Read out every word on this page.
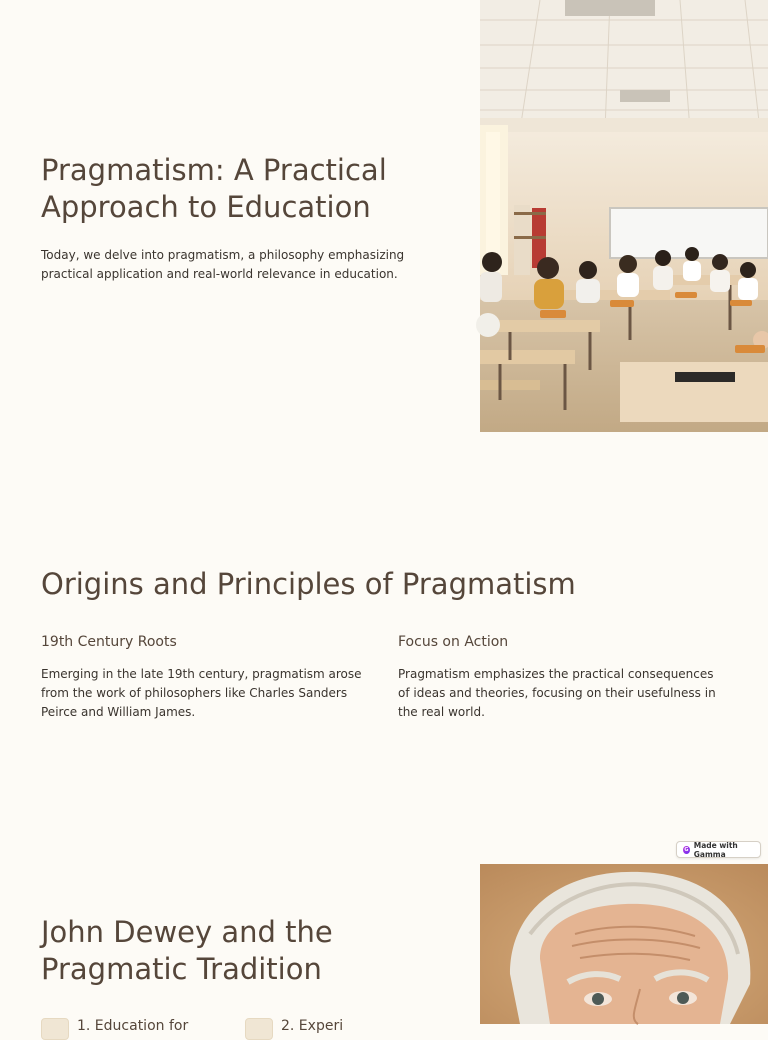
Pragmatism: A Practical Approach to Education

Today, we delve into pragmatism, a philosophy emphasizing practical application and real-world relevance in education.

Origins and Principles of Pragmatism
19th Century Roots

Emerging in the late 19th century, pragmatism arose from the work of philosophers like Charles Sanders Peirce and William James.

Focus on Action

Pragmatism emphasizes the practical consequences of ideas and theories, focusing on their usefulness in the real world.

G Made with Gamma
John Dewey and the Pragmatic Tradition
1. Education for	2. Experi
